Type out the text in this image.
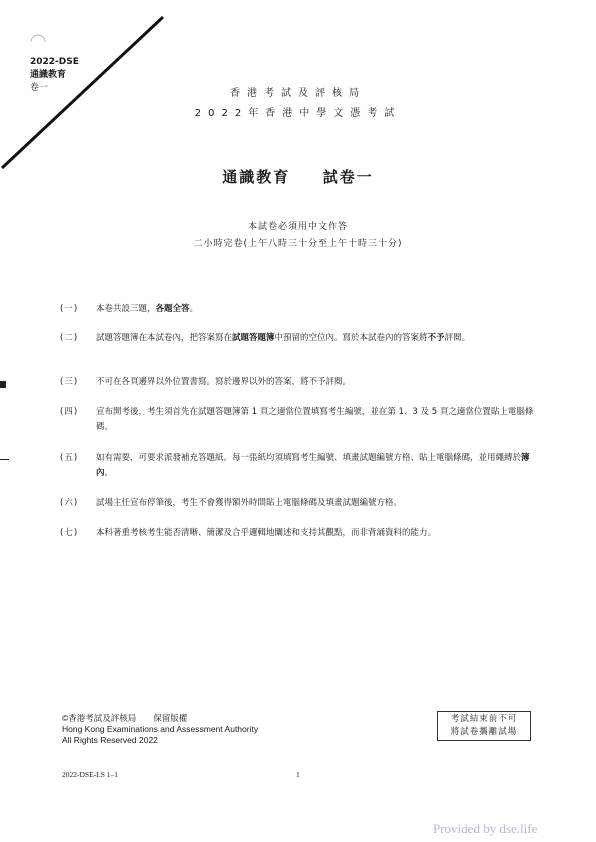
2022-DSE
通識教育
卷一	香港考試及評核局
2022年香港中學文憑考試
通識教育 試卷一
本試卷必須用中文作答
二小時完卷(上午八時三十分至上午十時三十分)
(一)	本卷共設三題，各題全答。
(二)	試題答題簿在本試卷內，把答案寫在試題答題簿中預留的空位內。寫於本試卷內的答案將不予評閱。
(三)	不可在各頁邊界以外位置書寫。寫於邊界以外的答案，將不予評閱。
(四)	宣布開考後，考生須首先在試題答題簿第 1 頁之適當位置填寫考生編號，並在第 1、3 及 5 頁之適當位置貼上電腦條碼。
(五)	如有需要，可要求派發補充答題紙。每一張紙均須填寫考生編號、填畫試題編號方格、貼上電腦條碼，並用繩縛於簿內。
(六)	試場主任宣布停筆後，考生不會獲得額外時間貼上電腦條碼及填畫試題編號方格。
(七)	本科著重考核考生能否清晰、簡潔及合乎邏輯地闡述和支持其觀點，而非背誦資料的能力。
©香港考試及評核局　　保留版權
Hong Kong Examinations and Assessment Authority
All Rights Reserved 2022
考試結束前不可
將試卷攜離試場
2022-DSE-LS 1–1	1
Provided by dse.life
